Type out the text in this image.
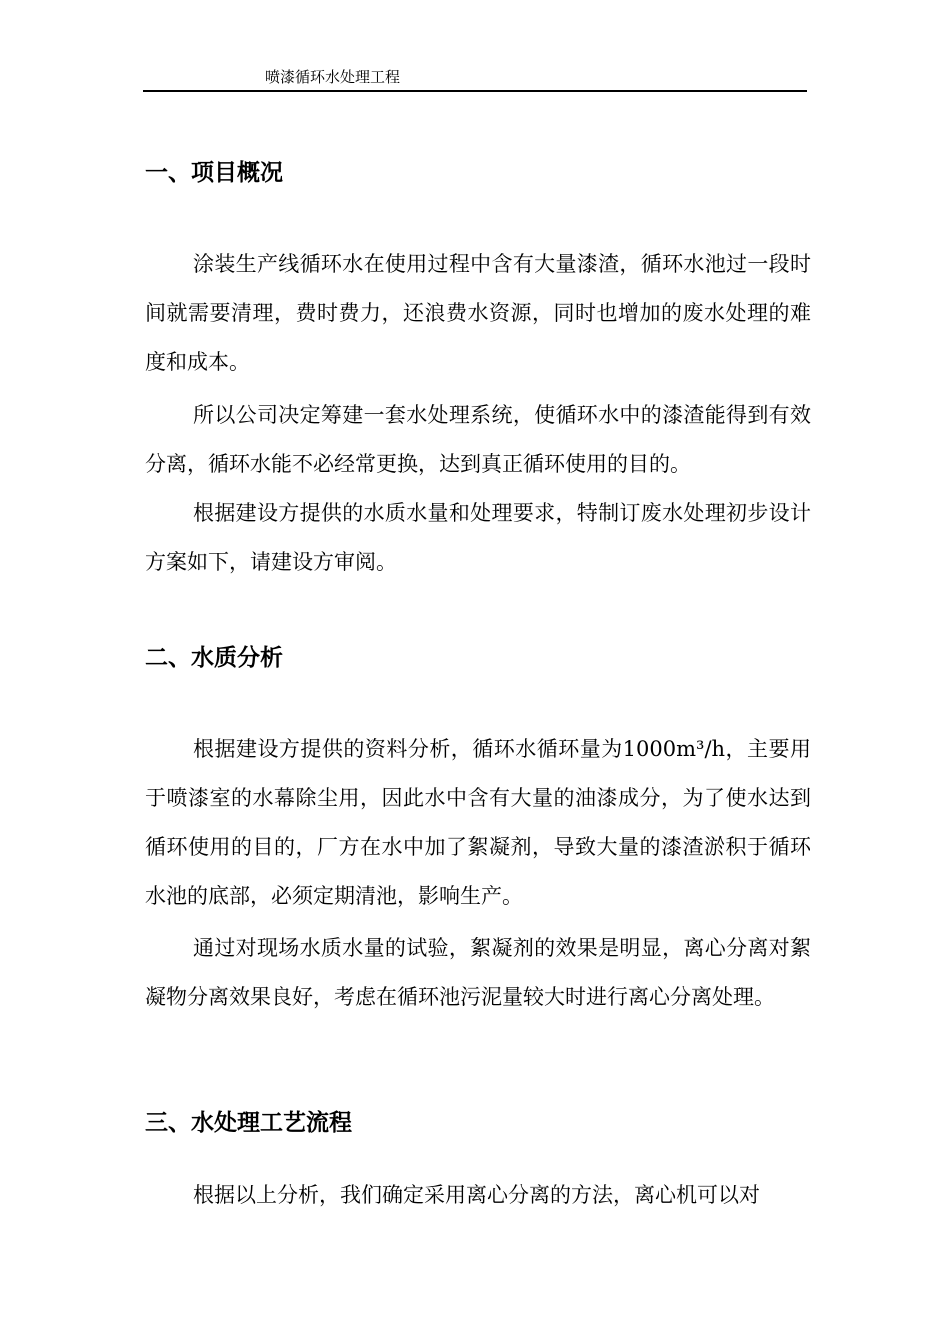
喷漆循环水处理工程
一、项目概况

涂装生产线循环水在使用过程中含有大量漆渣，循环水池过一段时间就需要清理，费时费力，还浪费水资源，同时也增加的废水处理的难度和成本。

所以公司决定筹建一套水处理系统，使循环水中的漆渣能得到有效分离，循环水能不必经常更换，达到真正循环使用的目的。

根据建设方提供的水质水量和处理要求，特制订废水处理初步设计方案如下，请建设方审阅。

二、水质分析

根据建设方提供的资料分析，循环水循环量为1000m³/h，主要用于喷漆室的水幕除尘用，因此水中含有大量的油漆成分，为了使水达到循环使用的目的，厂方在水中加了絮凝剂，导致大量的漆渣淤积于循环水池的底部，必须定期清池，影响生产。

通过对现场水质水量的试验，絮凝剂的效果是明显，离心分离对絮凝物分离效果良好，考虑在循环池污泥量较大时进行离心分离处理。

三、水处理工艺流程

根据以上分析，我们确定采用离心分离的方法，离心机可以对
